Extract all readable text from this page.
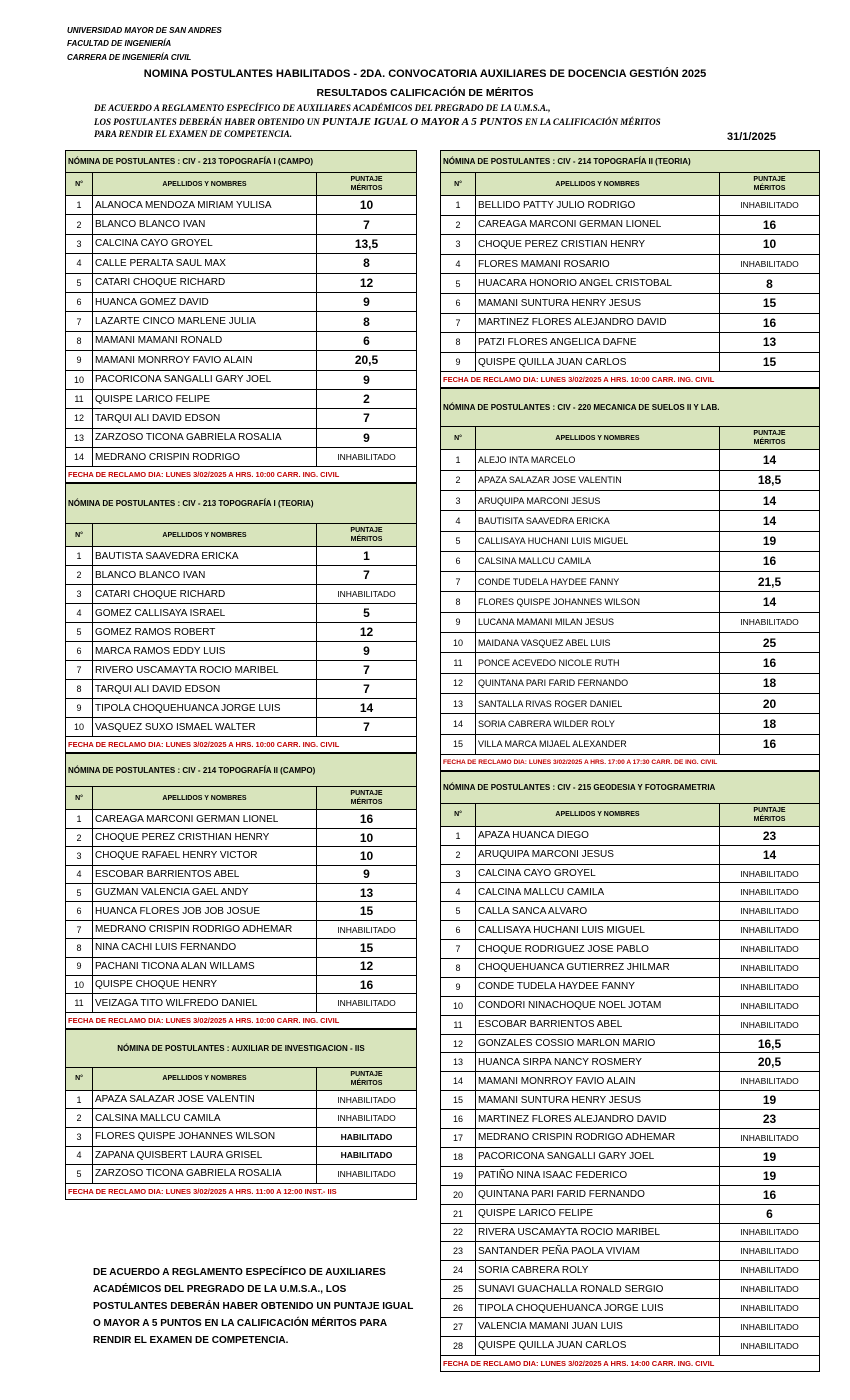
UNIVERSIDAD MAYOR DE SAN ANDRES
FACULTAD DE INGENIERÍA
CARRERA DE INGENIERÍA CIVIL
NOMINA POSTULANTES HABILITADOS - 2DA. CONVOCATORIA AUXILIARES DE DOCENCIA GESTIÓN 2025
RESULTADOS CALIFICACIÓN DE MÉRITOS
DE ACUERDO A REGLAMENTO ESPECÍFICO DE AUXILIARES ACADÉMICOS DEL PREGRADO DE LA U.M.S.A.,
LOS POSTULANTES DEBERÁN HABER OBTENIDO UN PUNTAJE IGUAL O MAYOR A 5 PUNTOS EN LA CALIFICACIÓN MÉRITOS
PARA RENDIR EL EXAMEN DE COMPETENCIA.	31/1/2025
NÓMINA DE POSTULANTES : CIV - 213 TOPOGRAFÍA I (CAMPO)		
N°	APELLIDOS Y NOMBRES	PUNTAJE
MÉRITOS

1	ALANOCA MENDOZA MIRIAM YULISA	10
2	BLANCO BLANCO IVAN	7
3	CALCINA CAYO GROYEL	13,5
4	CALLE PERALTA SAUL MAX	8
5	CATARI CHOQUE RICHARD	12
6	HUANCA GOMEZ DAVID	9
7	LAZARTE CINCO MARLENE JULIA	8
8	MAMANI MAMANI RONALD	6
9	MAMANI MONRROY FAVIO ALAIN	20,5
10	PACORICONA SANGALLI GARY JOEL	9
11	QUISPE LARICO FELIPE	2
12	TARQUI ALI DAVID EDSON	7
13	ZARZOSO TICONA GABRIELA ROSALIA	9
14	MEDRANO CRISPIN RODRIGO	INHABILITADO
FECHA DE RECLAMO DIA: LUNES 3/02/2025 A HRS. 10:00 CARR. ING. CIVIL		
NÓMINA DE POSTULANTES : CIV - 213 TOPOGRAFÍA I (TEORIA)		
N°	APELLIDOS Y NOMBRES	PUNTAJE
MÉRITOS

1	BAUTISTA SAAVEDRA ERICKA	1
2	BLANCO BLANCO IVAN	7
3	CATARI CHOQUE RICHARD	INHABILITADO
4	GOMEZ CALLISAYA ISRAEL	5
5	GOMEZ RAMOS ROBERT	12
6	MARCA RAMOS EDDY LUIS	9
7	RIVERO USCAMAYTA ROCIO MARIBEL	7
8	TARQUI ALI DAVID EDSON	7
9	TIPOLA CHOQUEHUANCA JORGE LUIS	14
10	VASQUEZ SUXO ISMAEL WALTER	7
FECHA DE RECLAMO DIA: LUNES 3/02/2025 A HRS. 10:00 CARR. ING. CIVIL		
NÓMINA DE POSTULANTES : CIV - 214 TOPOGRAFÍA II (CAMPO)		
N°	APELLIDOS Y NOMBRES	PUNTAJE
MÉRITOS

1	CAREAGA MARCONI GERMAN LIONEL	16
2	CHOQUE PEREZ CRISTHIAN HENRY	10
3	CHOQUE RAFAEL HENRY VICTOR	10
4	ESCOBAR BARRIENTOS ABEL	9
5	GUZMAN VALENCIA GAEL ANDY	13
6	HUANCA FLORES JOB JOB JOSUE	15
7	MEDRANO CRISPIN RODRIGO ADHEMAR	INHABILITADO
8	NINA CACHI LUIS FERNANDO	15
9	PACHANI TICONA ALAN WILLAMS	12
10	QUISPE CHOQUE HENRY	16
11	VEIZAGA TITO WILFREDO DANIEL	INHABILITADO
FECHA DE RECLAMO DIA: LUNES 3/02/2025 A HRS. 10:00 CARR. ING. CIVIL		
NÓMINA DE POSTULANTES : AUXILIAR DE INVESTIGACION - IIS		
N°	APELLIDOS Y NOMBRES	PUNTAJE
MÉRITOS

1	APAZA SALAZAR JOSE VALENTIN	INHABILITADO
2	CALSINA MALLCU CAMILA	INHABILITADO
3	FLORES QUISPE JOHANNES WILSON	HABILITADO
4	ZAPANA QUISBERT LAURA GRISEL	HABILITADO
5	ZARZOSO TICONA GABRIELA ROSALIA	INHABILITADO
FECHA DE RECLAMO DIA: LUNES 3/02/2025 A HRS. 11:00 A 12:00 INST.- IIS		
NÓMINA DE POSTULANTES : CIV - 214 TOPOGRAFÍA II (TEORIA)		
N°	APELLIDOS Y NOMBRES	PUNTAJE
MÉRITOS

1	BELLIDO PATTY JULIO RODRIGO	INHABILITADO
2	CAREAGA MARCONI GERMAN LIONEL	16
3	CHOQUE PEREZ CRISTIAN HENRY	10
4	FLORES MAMANI ROSARIO	INHABILITADO
5	HUACARA HONORIO ANGEL CRISTOBAL	8
6	MAMANI SUNTURA HENRY JESUS	15
7	MARTINEZ FLORES ALEJANDRO DAVID	16
8	PATZI FLORES ANGELICA DAFNE	13
9	QUISPE QUILLA JUAN CARLOS	15
FECHA DE RECLAMO DIA: LUNES 3/02/2025 A HRS. 10:00 CARR. ING. CIVIL		
NÓMINA DE POSTULANTES : CIV - 220 MECANICA DE SUELOS II Y LAB.		
N°	APELLIDOS Y NOMBRES	PUNTAJE
MÉRITOS

1	ALEJO INTA MARCELO	14
2	APAZA SALAZAR JOSE VALENTIN	18,5
3	ARUQUIPA MARCONI JESUS	14
4	BAUTISITA SAAVEDRA ERICKA	14
5	CALLISAYA HUCHANI LUIS MIGUEL	19
6	CALSINA MALLCU CAMILA	16
7	CONDE TUDELA HAYDEE FANNY	21,5
8	FLORES QUISPE JOHANNES WILSON	14
9	LUCANA MAMANI MILAN JESUS	INHABILITADO
10	MAIDANA VASQUEZ ABEL LUIS	25
11	PONCE ACEVEDO NICOLE RUTH	16
12	QUINTANA PARI FARID FERNANDO	18
13	SANTALLA RIVAS ROGER DANIEL	20
14	SORIA CABRERA WILDER ROLY	18
15	VILLA MARCA MIJAEL ALEXANDER	16
FECHA DE RECLAMO DIA: LUNES 3/02/2025 A HRS. 17:00 A 17:30 CARR. DE ING. CIVIL		
NÓMINA DE POSTULANTES : CIV - 215 GEODESIA Y FOTOGRAMETRIA		
N°	APELLIDOS Y NOMBRES	PUNTAJE
MÉRITOS

1	APAZA HUANCA DIEGO	23
2	ARUQUIPA MARCONI JESUS	14
3	CALCINA CAYO GROYEL	INHABILITADO
4	CALCINA MALLCU CAMILA	INHABILITADO
5	CALLA SANCA ALVARO	INHABILITADO
6	CALLISAYA HUCHANI LUIS MIGUEL	INHABILITADO
7	CHOQUE RODRIGUEZ JOSE PABLO	INHABILITADO
8	CHOQUEHUANCA GUTIERREZ JHILMAR	INHABILITADO
9	CONDE TUDELA HAYDEE FANNY	INHABILITADO
10	CONDORI NINACHOQUE NOEL JOTAM	INHABILITADO
11	ESCOBAR BARRIENTOS ABEL	INHABILITADO
12	GONZALES COSSIO MARLON MARIO	16,5
13	HUANCA SIRPA NANCY ROSMERY	20,5
14	MAMANI MONRROY FAVIO ALAIN	INHABILITADO
15	MAMANI SUNTURA HENRY JESUS	19
16	MARTINEZ FLORES ALEJANDRO DAVID	23
17	MEDRANO CRISPIN RODRIGO ADHEMAR	INHABILITADO
18	PACORICONA SANGALLI GARY JOEL	19
19	PATIÑO NINA ISAAC FEDERICO	19
20	QUINTANA PARI FARID FERNANDO	16
21	QUISPE LARICO FELIPE	6
22	RIVERA USCAMAYTA ROCIO MARIBEL	INHABILITADO
23	SANTANDER PEÑA PAOLA VIVIAM	INHABILITADO
24	SORIA CABRERA ROLY	INHABILITADO
25	SUNAVI GUACHALLA RONALD SERGIO	INHABILITADO
26	TIPOLA CHOQUEHUANCA JORGE LUIS	INHABILITADO
27	VALENCIA MAMANI JUAN LUIS	INHABILITADO
28	QUISPE QUILLA JUAN CARLOS	INHABILITADO
FECHA DE RECLAMO DIA: LUNES 3/02/2025 A HRS. 14:00 CARR. ING. CIVIL		
DE ACUERDO A REGLAMENTO ESPECÍFICO DE AUXILIARES ACADÉMICOS DEL PREGRADO DE LA U.M.S.A., LOS POSTULANTES DEBERÁN HABER OBTENIDO UN PUNTAJE IGUAL O MAYOR A 5 PUNTOS EN LA CALIFICACIÓN MÉRITOS PARA RENDIR EL EXAMEN DE COMPETENCIA.
